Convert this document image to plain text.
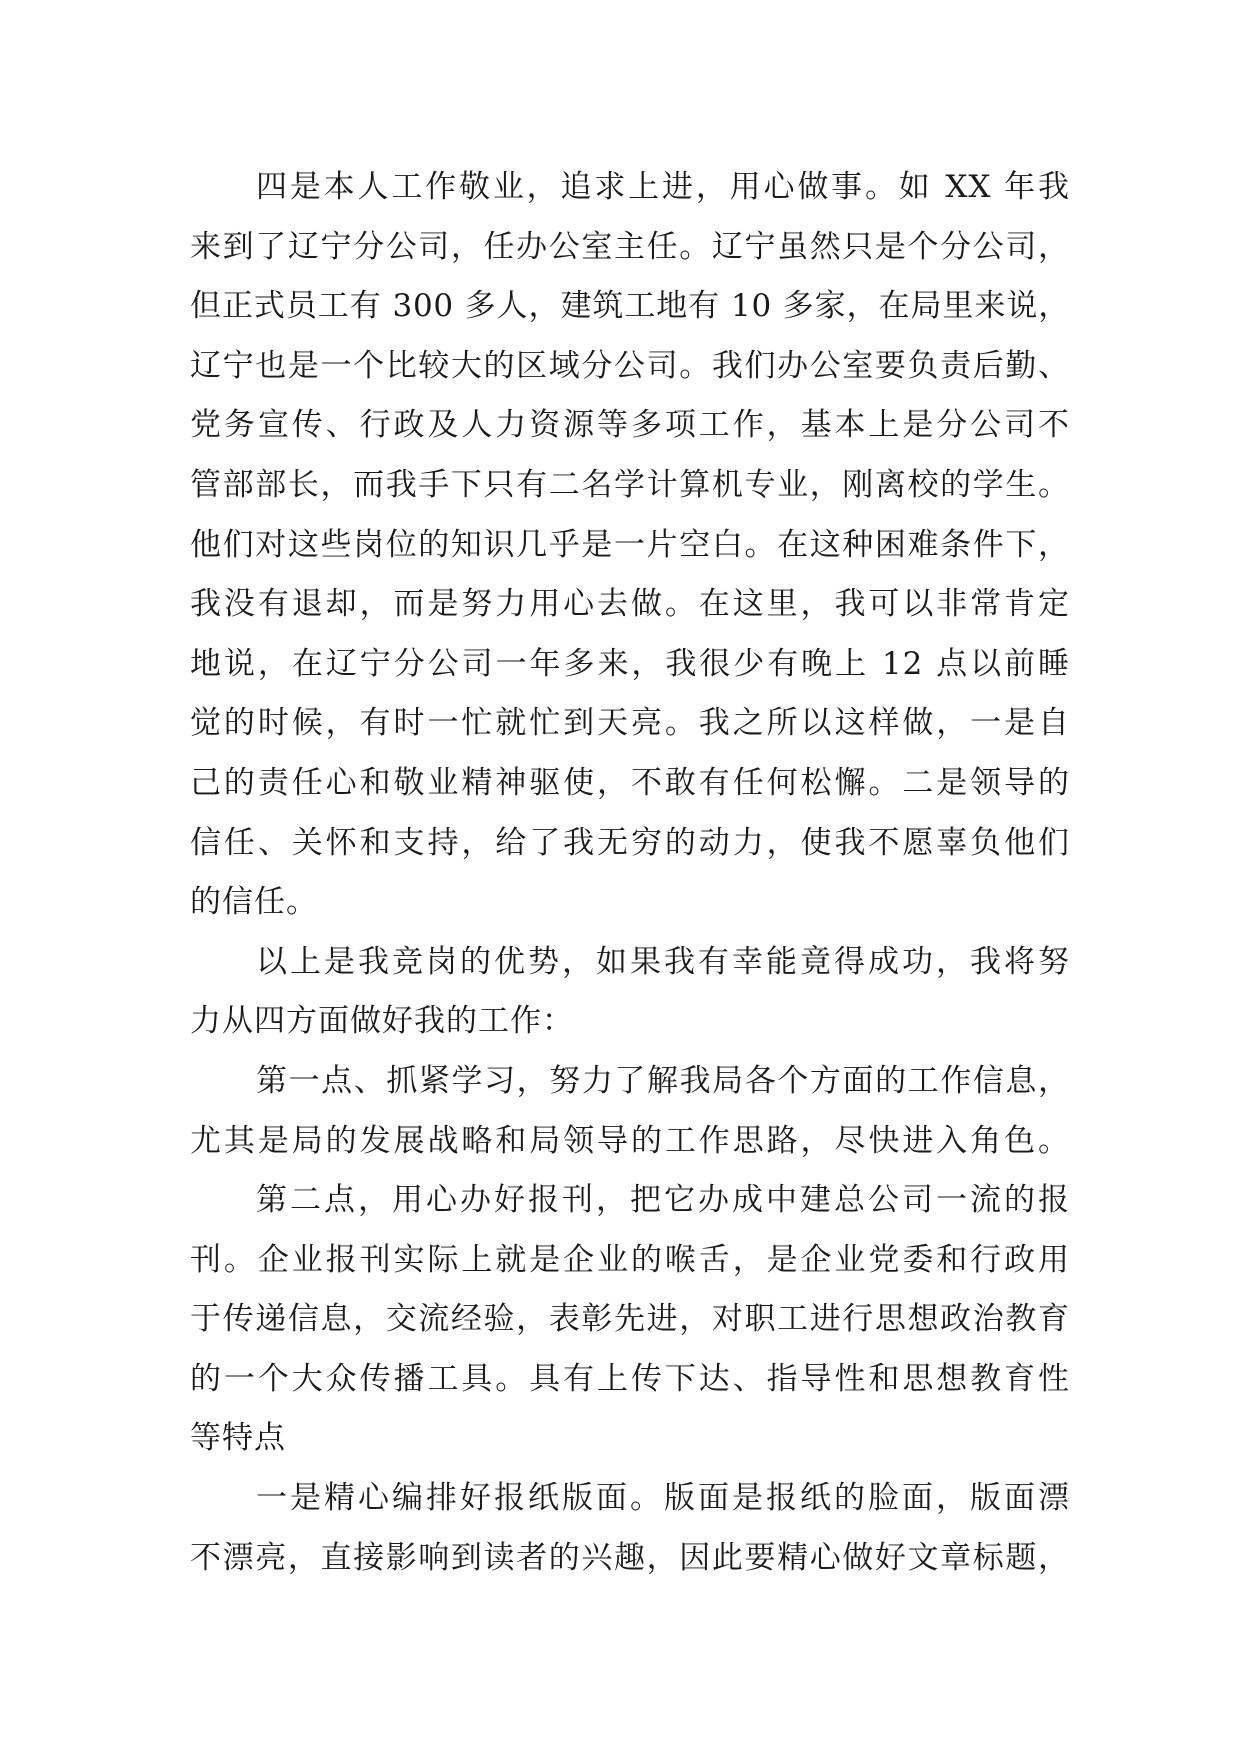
四是本人工作敬业，追求上进，用心做事。如 XX 年我
来到了辽宁分公司，任办公室主任。辽宁虽然只是个分公司，
但正式员工有 300 多人，建筑工地有 10 多家，在局里来说，
辽宁也是一个比较大的区域分公司。我们办公室要负责后勤、
党务宣传、行政及人力资源等多项工作，基本上是分公司不
管部部长，而我手下只有二名学计算机专业，刚离校的学生。
他们对这些岗位的知识几乎是一片空白。在这种困难条件下，
我没有退却，而是努力用心去做。在这里，我可以非常肯定
地说，在辽宁分公司一年多来，我很少有晚上 12 点以前睡
觉的时候，有时一忙就忙到天亮。我之所以这样做，一是自
己的责任心和敬业精神驱使，不敢有任何松懈。二是领导的
信任、关怀和支持，给了我无穷的动力，使我不愿辜负他们
的信任。
以上是我竞岗的优势，如果我有幸能竟得成功，我将努
力从四方面做好我的工作：
第一点、抓紧学习，努力了解我局各个方面的工作信息，
尤其是局的发展战略和局领导的工作思路，尽快进入角色。
第二点，用心办好报刊，把它办成中建总公司一流的报
刊。企业报刊实际上就是企业的喉舌，是企业党委和行政用
于传递信息，交流经验，表彰先进，对职工进行思想政治教育
的一个大众传播工具。具有上传下达、指导性和思想教育性
等特点
一是精心编排好报纸版面。版面是报纸的脸面，版面漂
不漂亮，直接影响到读者的兴趣，因此要精心做好文章标题，
